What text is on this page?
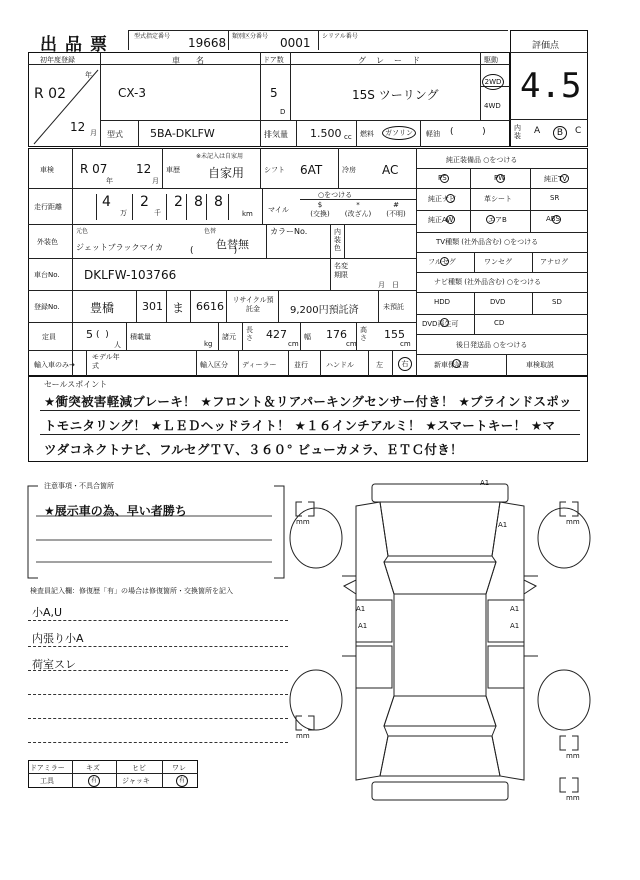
出品票	型式指定番号 19668 類別区分番号 0001 シリアル番号
評価点
4.5
内装	A	B	C
初年度登録
年
R 02
12 月
車名
CX-3
ドア数
5
D
グレード
15S ツーリング
駆動
2WD
4WD
型式 5BA-DKLFW	排気量 1.500 cc 燃料	ガソリン	軽油 (          )
車検 R 07
年
12
月
車歴
※未記入は自家用
自家用	シフト 6AT	冷房 AC
走行距離	4
万
2
千
2 8 8
km マイル
○をつける
$
(交換)
*
(改ざん)
#
(不明)
外装色
元色
ジェットブラックマイカ
色替
色替無
(              )
カラーNo.	内装色
車台No. DKLFW-103766
名変期限
月　日
登録No.	豊橋	301 ま 6616	リサイクル預託金	9,200円預託済	未預託
定員	5 (  )
人
積載量
kg
諸元
長さ 427
cm
幅 176
cm
高さ 155
cm
輸入車のみ→
モデル年式	輸入区分 ディーラー	並行	ハンドル	左	右
純正装備品 ○をつける
PS	PW	純正TV
純正ナビ	革シート	SR
純正AW	エアB	ABS
TV種類 (社外品含む) ○をつける
フルセグ	ワンセグ	アナログ
ナビ種類 (社外品含む) ○をつける
HDD	DVD	SD
DVD再生可	CD
後日発送品 ○をつける
新車保証書	車検取説
セールスポイント
★衝突被害軽減ブレーキ！ ★フロント＆リアパーキングセンサー付き！ ★ブラインドスポッ
トモニタリング！ ★ＬＥＤヘッドライト！ ★１６インチアルミ！ ★スマートキー！ ★マ
ツダコネクトナビ、フルセグＴＶ、３６０° ビューカメラ、ＥＴＣ付き！
注意事項・不具合箇所
★展示車の為、早い者勝ち
検査員記入欄：修復歴「有」の場合は修復箇所・交換箇所を記入
小A,U
内張り小A
荷室スレ
ドアミラー	キズ	ヒビ	ワレ
工具	有	ジャッキ	有
A1
A1
A1
A1
A1
A1
mm	mm
mm
mm
mm
